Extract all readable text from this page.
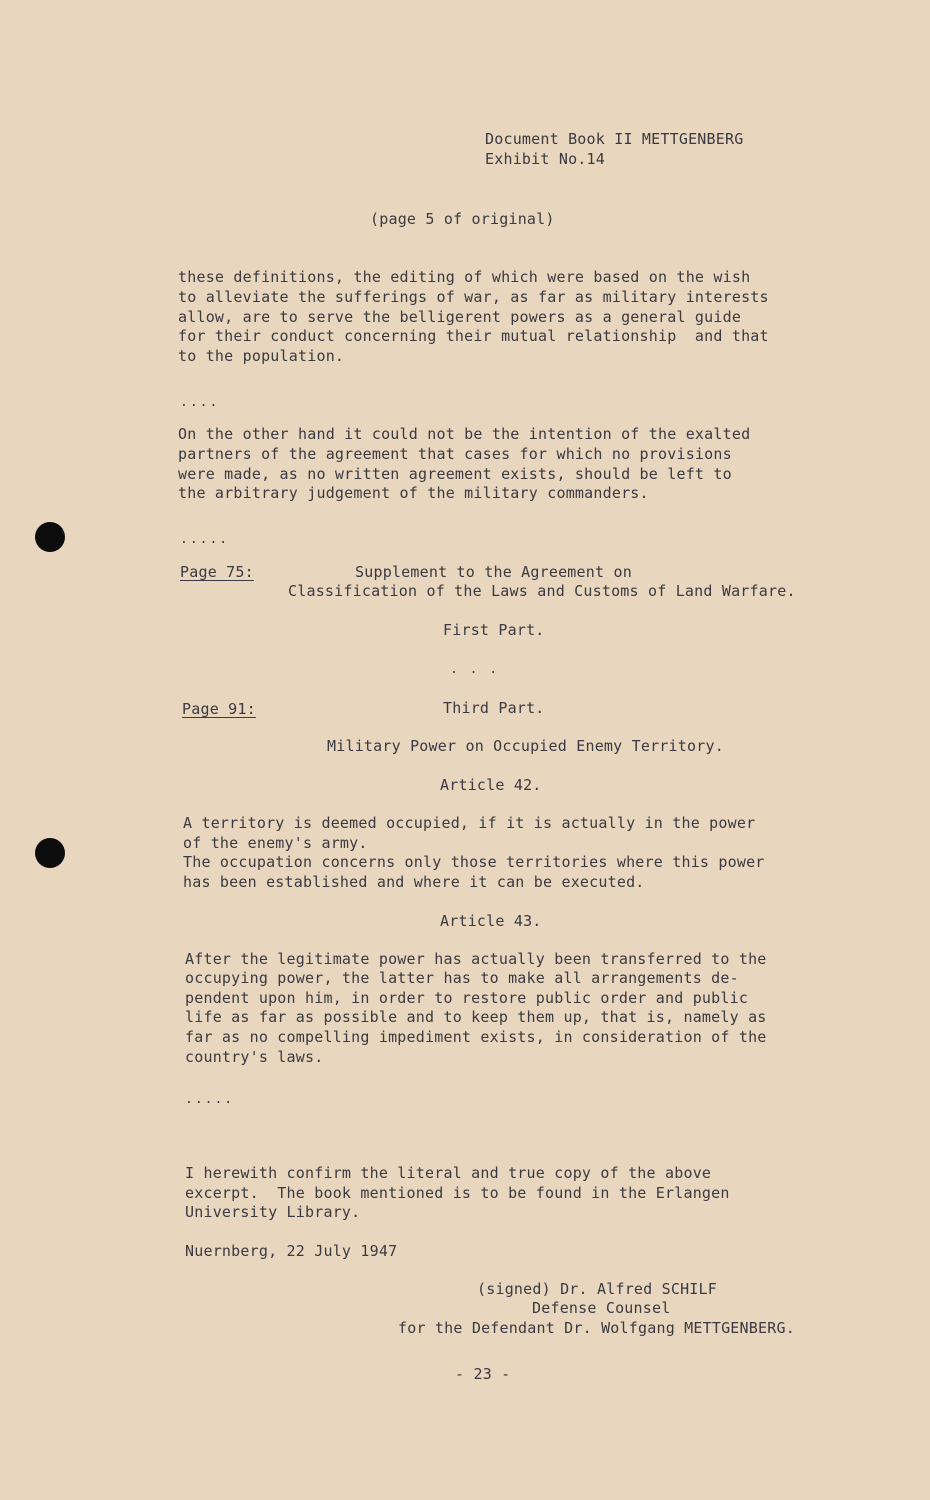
Document Book II METTGENBERG
Exhibit No.14
(page 5 of original)
these definitions, the editing of which were based on the wish
to alleviate the sufferings of war, as far as military interests
allow, are to serve the belligerent powers as a general guide
for their conduct concerning their mutual relationship  and that
to the population.
....
On the other hand it could not be the intention of the exalted
partners of the agreement that cases for which no provisions
were made, as no written agreement exists, should be left to
the arbitrary judgement of the military commanders.
.....
Page 75:	Supplement to the Agreement on
Classification of the Laws and Customs of Land Warfare.
First Part.
. . .
Page 91:	Third Part.
Military Power on Occupied Enemy Territory.
Article 42.
A territory is deemed occupied, if it is actually in the power
of the enemy's army.
The occupation concerns only those territories where this power
has been established and where it can be executed.
Article 43.
After the legitimate power has actually been transferred to the
occupying power, the latter has to make all arrangements de-
pendent upon him, in order to restore public order and public
life as far as possible and to keep them up, that is, namely as
far as no compelling impediment exists, in consideration of the
country's laws.
.....
I herewith confirm the literal and true copy of the above
excerpt.  The book mentioned is to be found in the Erlangen
University Library.
Nuernberg, 22 July 1947
(signed) Dr. Alfred SCHILF
Defense Counsel
for the Defendant Dr. Wolfgang METTGENBERG.
- 23 -
